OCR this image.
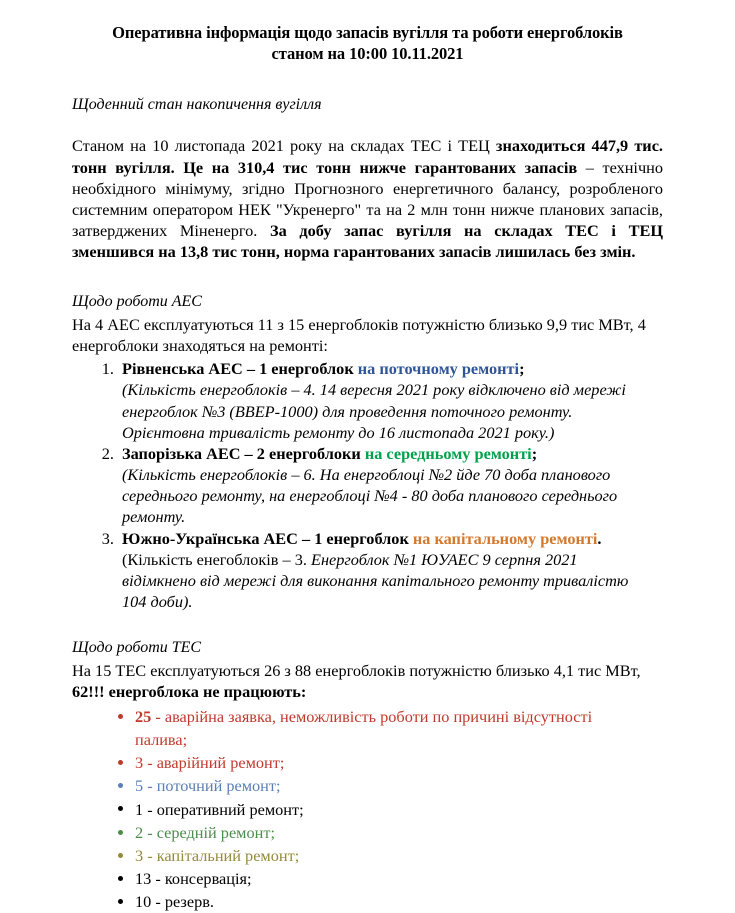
Оперативна інформація щодо запасів вугілля та роботи енергоблоків
станом на 10:00 10.11.2021

Щоденний стан накопичення вугілля

Станом на 10 листопада 2021 року на складах ТЕС і ТЕЦ знаходиться 447,9 тис. тонн вугілля. Це на 310,4 тис тонн нижче гарантованих запасів – технічно необхідного мінімуму, згідно Прогнозного енергетичного балансу, розробленого системним оператором НЕК "Укренерго" та на 2 млн тонн нижче планових запасів, затверджених Міненерго. За добу запас вугілля на складах ТЕС і ТЕЦ зменшився на 13,8 тис тонн, норма гарантованих запасів лишилась без змін.

Щодо роботи АЕС

На 4 АЕС експлуатуються 11 з 15 енергоблоків потужністю близько 9,9 тис МВт, 4 енергоблоки знаходяться на ремонті:

1. Рівненська АЕС – 1 енергоблок на поточному ремонті;
(Кількість енергоблоків – 4. 14 вересня 2021 року відключено від мережі енергоблок №3 (ВВЕР-1000) для проведення поточного ремонту. Орієнтовна тривалість ремонту до 16 листопада 2021 року.)
2. Запорізька АЕС – 2 енергоблоки на середньому ремонті;
(Кількість енергоблоків – 6. На енергоблоці №2 йде 70 доба планового середнього ремонту, на енергоблоці №4 - 80 доба планового середнього ремонту.
3. Южно-Українська АЕС – 1 енергоблок на капітальному ремонті.
(Кількість енегоблоків – 3. Енергоблок №1 ЮУАЕС 9 серпня 2021 відімкнено від мережі для виконання капітального ремонту тривалістю 104 доби).

Щодо роботи ТЕС

На 15 ТЕС експлуатуються 26 з 88 енергоблоків потужністю близько 4,1 тис МВт, 62!!! енергоблока не працюють:

25 - аварійна заявка, неможливість роботи по причині відсутності палива;
3 - аварійний ремонт;
5 - поточний ремонт;
1 - оперативний ремонт;
2 - середній ремонт;
3 - капітальний ремонт;
13 - консервація;
10 - резерв.
